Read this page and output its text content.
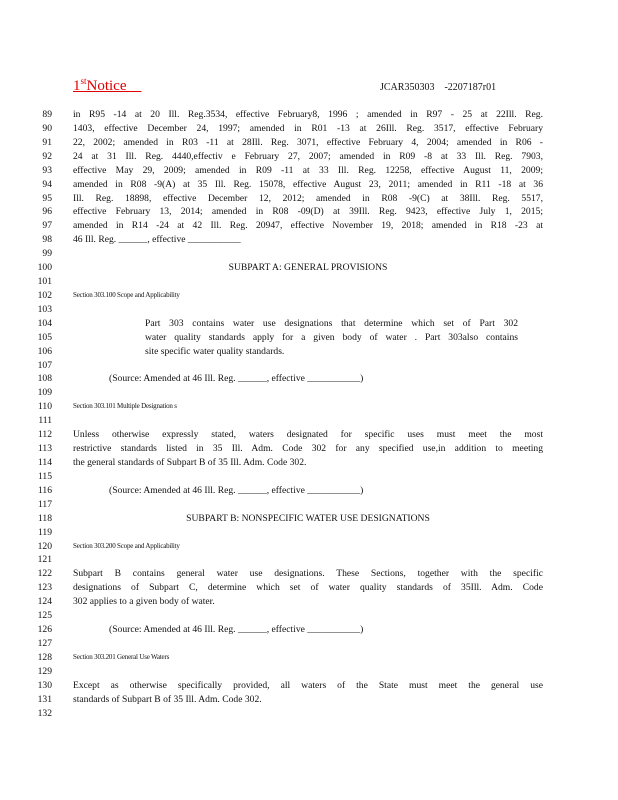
1stNotice	JCAR350303    -2207187r01
89 in R95 -14 at 20 Ill. Reg.3534, effective February8, 1996 ; amended in R97 - 25 at 22Ill. Reg.
90 1403, effective December 24, 1997; amended in R01 -13 at 26Ill. Reg. 3517, effective February
91 22, 2002; amended in R03 -11 at 28Ill. Reg. 3071, effective February 4, 2004; amended in R06 -
92 24 at 31 Ill. Reg. 4440,effectiv e February 27, 2007; amended in R09 -8 at 33 Ill. Reg. 7903,
93 effective May 29, 2009; amended in R09 -11 at 33 Ill. Reg. 12258, effective August 11, 2009;
94 amended in R08 -9(A) at 35 Ill. Reg. 15078, effective August 23, 2011; amended in R11 -18 at 36
95 Ill. Reg. 18898, effective December 12, 2012; amended in R08 -9(C) at 38Ill. Reg. 5517,
96 effective February 13, 2014; amended in R08 -09(D) at 39Ill. Reg. 9423, effective July 1, 2015;
97 amended in R14 -24 at 42 Ill. Reg. 20947, effective November 19, 2018; amended in R18 -23 at
98 46 Ill. Reg. ______, effective ___________
99
100	SUBPART A: GENERAL PROVISIONS
101
102	Section 303.100 Scope and Applicability
103
104	Part 303 contains water use designations that determine which set of Part 302
105	water quality standards apply for a given body of water . Part 303also contains
106	site specific water quality standards.
107
108	(Source: Amended at 46 Ill. Reg. ______, effective ___________)
109
110	Section 303.101 Multiple Designation s
111
112 Unless otherwise expressly stated, waters designated for specific uses must meet the most
113 restrictive standards listed in 35 Ill. Adm. Code 302 for any specified use,in addition to meeting
114 the general standards of Subpart B of 35 Ill. Adm. Code 302.
115
116	(Source: Amended at 46 Ill. Reg. ______, effective ___________)
117
118	SUBPART B: NONSPECIFIC WATER USE DESIGNATIONS
119
120	Section 303.200 Scope and Applicability
121
122 Subpart B contains general water use designations. These Sections, together with the specific
123 designations of Subpart C, determine which set of water quality standards of 35Ill. Adm. Code
124 302 applies to a given body of water.
125
126	(Source: Amended at 46 Ill. Reg. ______, effective ___________)
127
128	Section 303.201 General Use Waters
129
130 Except as otherwise specifically provided, all waters of the State must meet the general use
131 standards of Subpart B of 35 Ill. Adm. Code 302.
132
